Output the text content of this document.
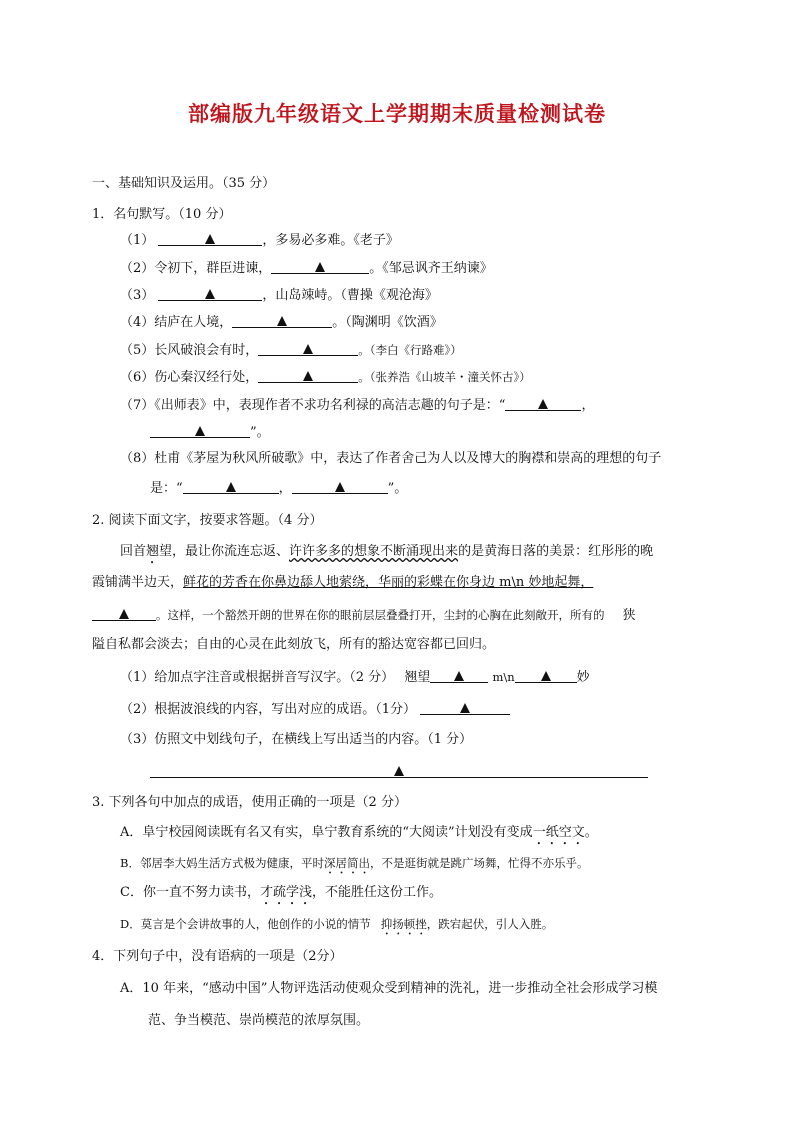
部编版九年级语文上学期期末质量检测试卷
一、基础知识及运用。（35 分）
1．名句默写。（10 分）
（1）	，多易必多难。《老子》
（2）令初下，群臣进谏，	。《邹忌讽齐王纳谏》
（3）	，山岛竦峙。（曹操《观沧海》
（4）结庐在人境，	。（陶渊明《饮酒》
（5）长风破浪会有时，	。（李白《行路难》）
（6）伤心秦汉经行处，	。（张养浩《山坡羊・潼关怀古》）
（7）《出师表》中，表现作者不求功名利禄的高洁志趣的句子是：“	，
”。
（8）杜甫《茅屋为秋风所破歌》中，表达了作者舍己为人以及博大的胸襟和崇高的理想的句子
是：“	，	”。
2. 阅读下面文字，按要求答题。（4 分）
回首翘望，最让你流连忘返、许许多多的想象不断涌现出来的是黄海日落的美景：红彤彤的晚
霞铺满半边天，鲜花的芳香在你鼻边舔人地萦绕，华丽的彩蝶在你身边 m\n 妙地起舞，
。这样，一个豁然开朗的世界在你的眼前层层叠叠打开，尘封的心胸在此刻敞开，所有的 狭
隘自私都会淡去；自由的心灵在此刻放飞，所有的豁达宽容都已回归。
（1）给加点字注音或根据拼音写汉字。（2 分） 翘望	m\n	妙
（2）根据波浪线的内容，写出对应的成语。（1分）
（3）仿照文中划线句子，在横线上写出适当的内容。（1 分）
3. 下列各句中加点的成语，使用正确的一项是（2 分）
A．阜宁校园阅读既有名又有实，阜宁教育系统的“大阅读”计划没有变成一纸空文。
B．邻居李大妈生活方式极为健康，平时深居简出，不是逛街就是跳广场舞，忙得不亦乐乎。
C．你一直不努力读书，才疏学浅，不能胜任这份工作。
D．莫言是个会讲故事的人，他创作的小说的情节 抑扬顿挫，跌宕起伏，引人入胜。
4．下列句子中，没有语病的一项是（2分）
A．10 年来，“感动中国”人物评选活动使观众受到精神的洗礼，进一步推动全社会形成学习模
范、争当模范、崇尚模范的浓厚氛围。
